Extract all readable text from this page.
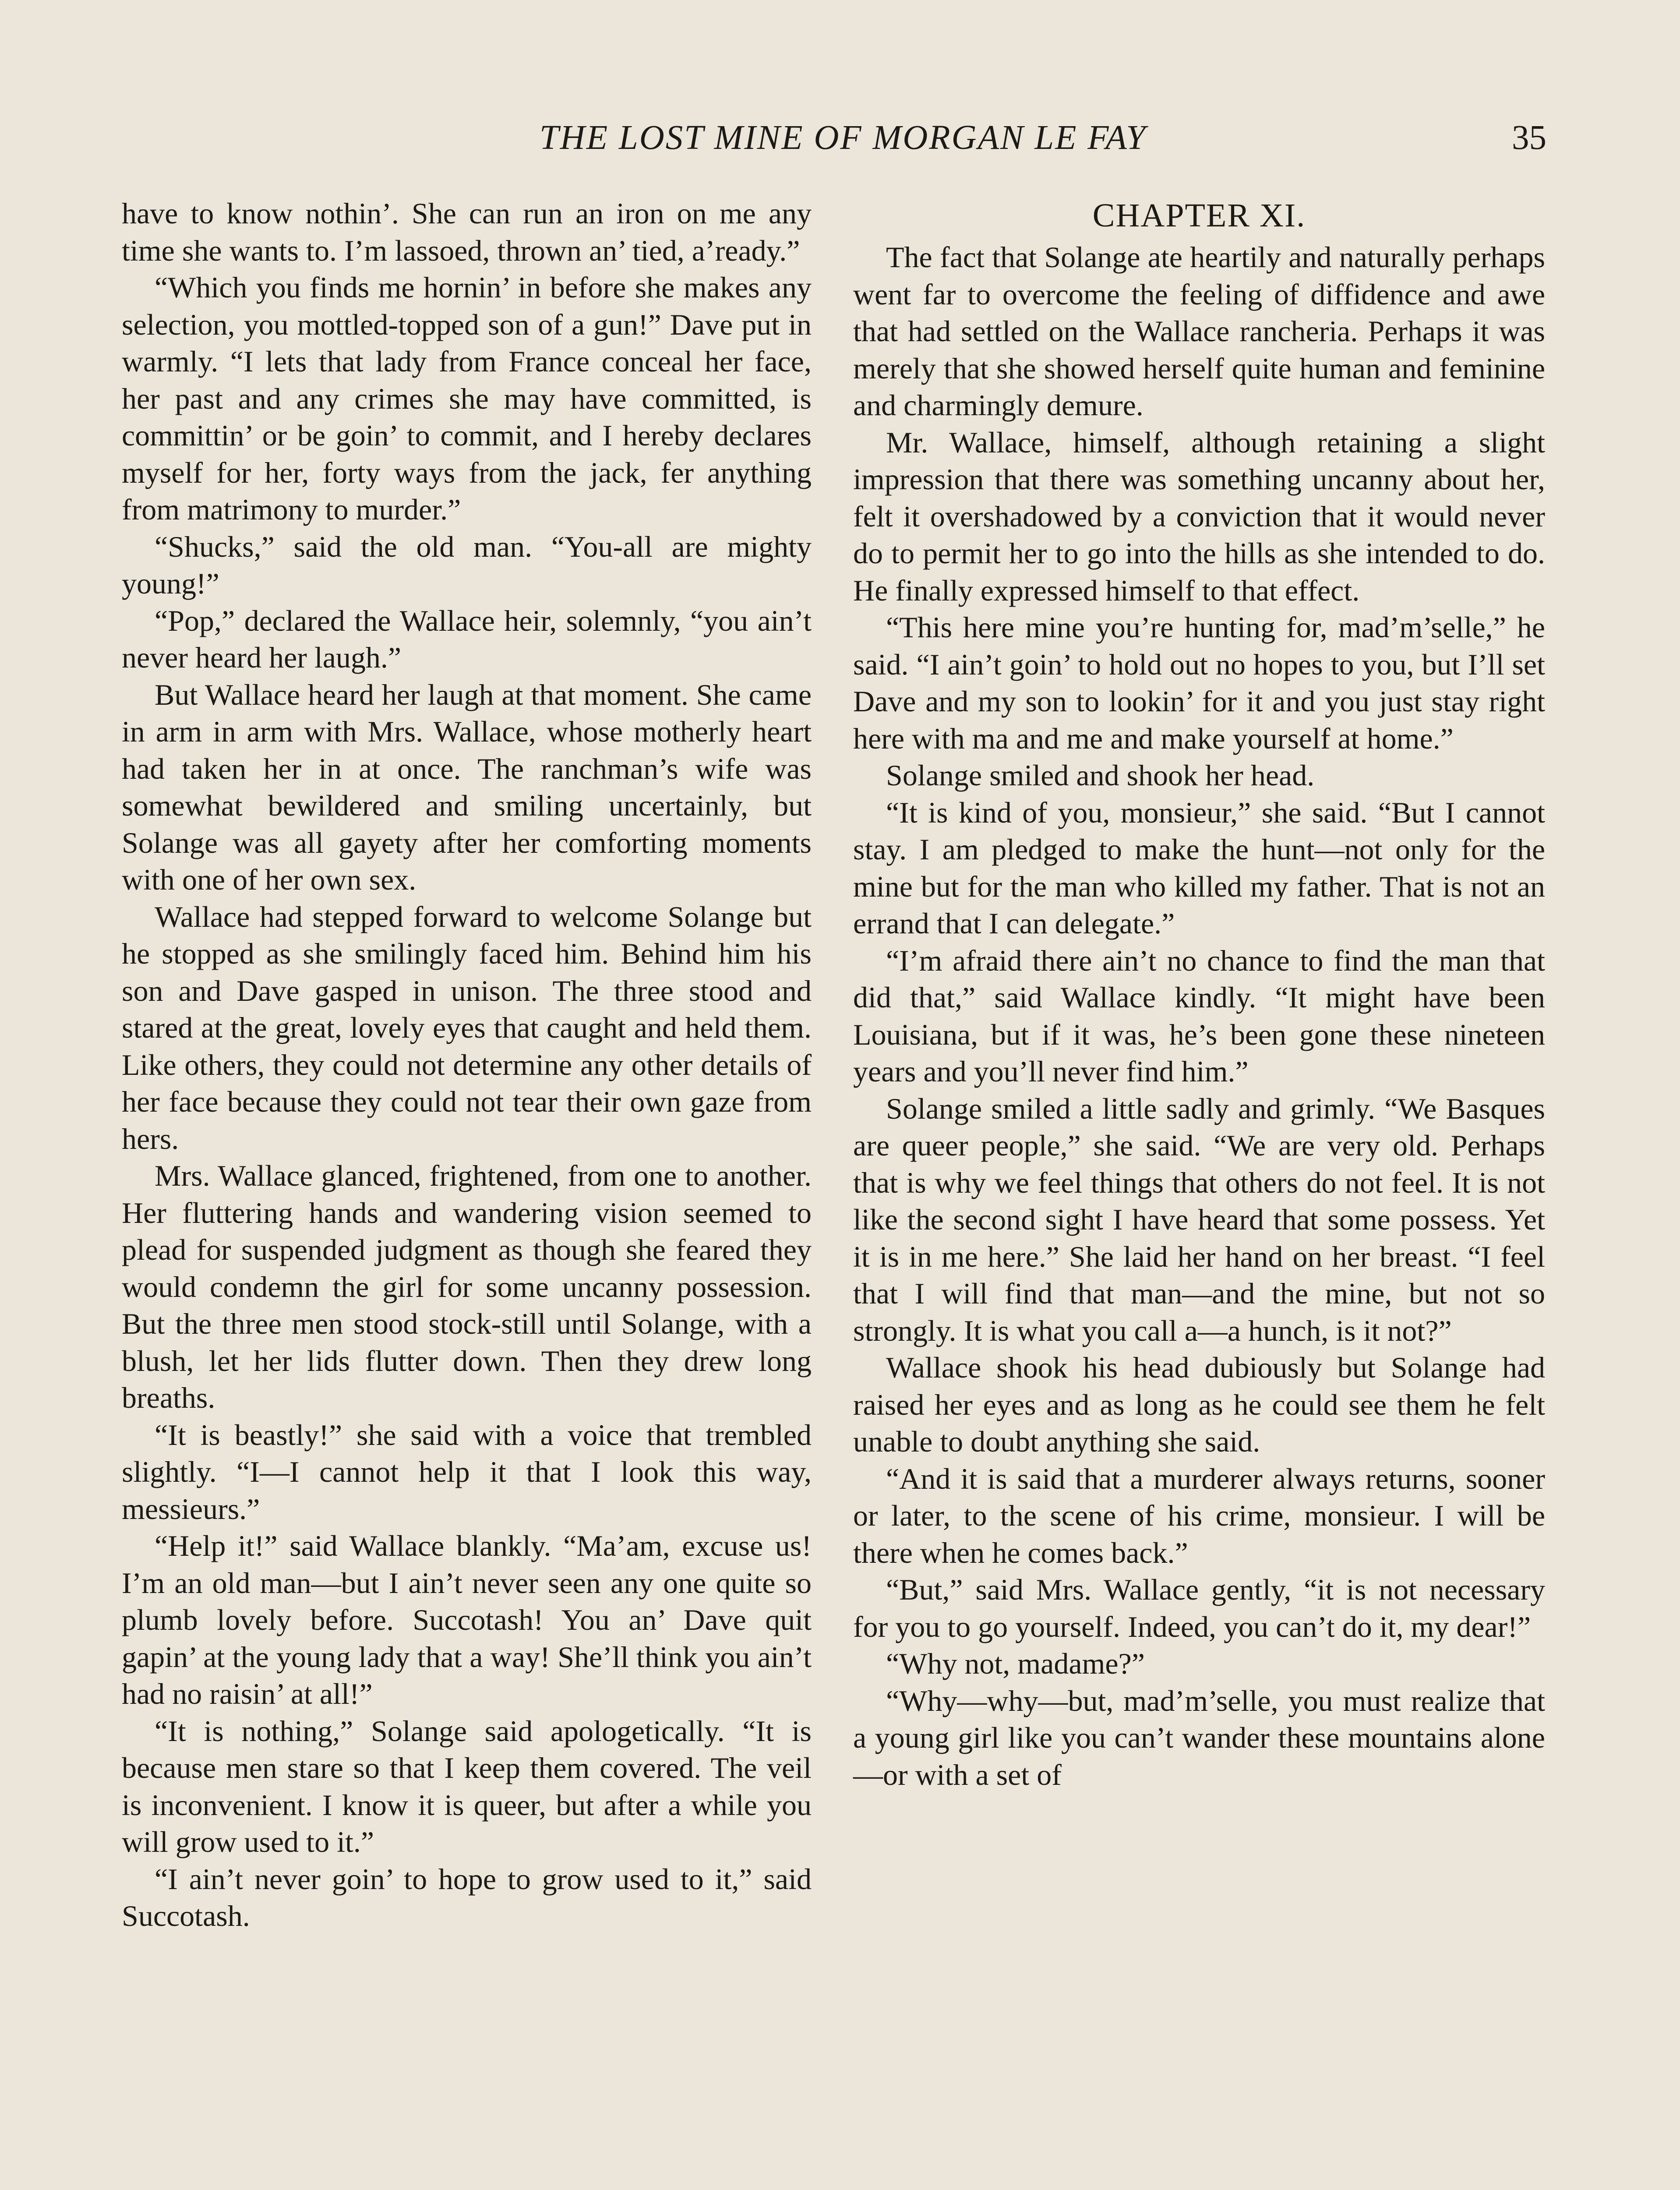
THE LOST MINE OF MORGAN LE FAY	35

have to know nothin’. She can run an iron on me any time she wants to. I’m lassoed, thrown an’ tied, a’ready.”

“Which you finds me hornin’ in before she makes any selection, you mottled-topped son of a gun!” Dave put in warmly. “I lets that lady from France conceal her face, her past and any crimes she may have committed, is committin’ or be goin’ to commit, and I hereby declares myself for her, forty ways from the jack, fer anything from matrimony to murder.”

“Shucks,” said the old man. “You-all are mighty young!”

“Pop,” declared the Wallace heir, solemnly, “you ain’t never heard her laugh.”

But Wallace heard her laugh at that moment. She came in arm in arm with Mrs. Wallace, whose motherly heart had taken her in at once. The ranchman’s wife was somewhat bewildered and smiling uncertainly, but Solange was all gayety after her comforting moments with one of her own sex.

Wallace had stepped forward to welcome Solange but he stopped as she smilingly faced him. Behind him his son and Dave gasped in unison. The three stood and stared at the great, lovely eyes that caught and held them. Like others, they could not determine any other details of her face because they could not tear their own gaze from hers.

Mrs. Wallace glanced, frightened, from one to another. Her fluttering hands and wandering vision seemed to plead for suspended judgment as though she feared they would condemn the girl for some uncanny possession. But the three men stood stock-still until Solange, with a blush, let her lids flutter down. Then they drew long breaths.

“It is beastly!” she said with a voice that trembled slightly. “I—I cannot help it that I look this way, messieurs.”

“Help it!” said Wallace blankly. “Ma’am, excuse us! I’m an old man—but I ain’t never seen any one quite so plumb lovely before. Succotash! You an’ Dave quit gapin’ at the young lady that a way! She’ll think you ain’t had no raisin’ at all!”

“It is nothing,” Solange said apologetically. “It is because men stare so that I keep them covered. The veil is inconvenient. I know it is queer, but after a while you will grow used to it.”

“I ain’t never goin’ to hope to grow used to it,” said Succotash.

CHAPTER XI.

The fact that Solange ate heartily and naturally perhaps went far to overcome the feeling of diffidence and awe that had settled on the Wallace rancheria. Perhaps it was merely that she showed herself quite human and feminine and charmingly demure.

Mr. Wallace, himself, although retaining a slight impression that there was something uncanny about her, felt it overshadowed by a conviction that it would never do to permit her to go into the hills as she intended to do. He finally expressed himself to that effect.

“This here mine you’re hunting for, mad’m’selle,” he said. “I ain’t goin’ to hold out no hopes to you, but I’ll set Dave and my son to lookin’ for it and you just stay right here with ma and me and make yourself at home.”

Solange smiled and shook her head.

“It is kind of you, monsieur,” she said. “But I cannot stay. I am pledged to make the hunt—not only for the mine but for the man who killed my father. That is not an errand that I can delegate.”

“I’m afraid there ain’t no chance to find the man that did that,” said Wallace kindly. “It might have been Louisiana, but if it was, he’s been gone these nineteen years and you’ll never find him.”

Solange smiled a little sadly and grimly. “We Basques are queer people,” she said. “We are very old. Perhaps that is why we feel things that others do not feel. It is not like the second sight I have heard that some possess. Yet it is in me here.” She laid her hand on her breast. “I feel that I will find that man—and the mine, but not so strongly. It is what you call a—a hunch, is it not?”

Wallace shook his head dubiously but Solange had raised her eyes and as long as he could see them he felt unable to doubt anything she said.

“And it is said that a murderer always returns, sooner or later, to the scene of his crime, monsieur. I will be there when he comes back.”

“But,” said Mrs. Wallace gently, “it is not necessary for you to go yourself. Indeed, you can’t do it, my dear!”

“Why not, madame?”

“Why—why—but, mad’m’selle, you must realize that a young girl like you can’t wander these mountains alone—or with a set of
